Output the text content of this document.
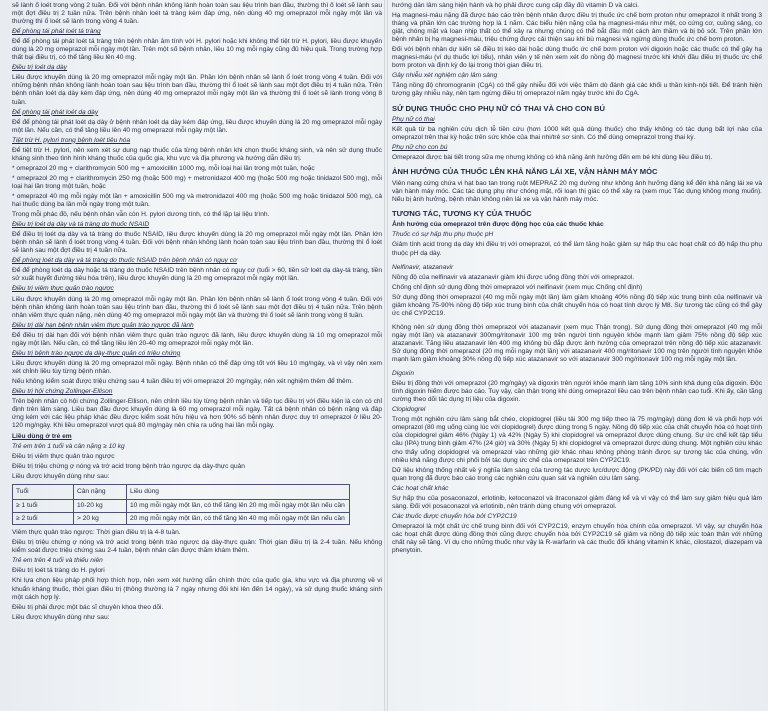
sẽ lành ổ loét trong vòng 2 tuần. Đối với bệnh nhân không lành hoàn toàn sau liệu trình ban đầu, thường thì ổ loét sẽ lành sau một đợt điều trị 2 tuần nữa. Trên bệnh nhân loét tá tràng kém đáp ứng, nên dùng 40 mg omeprazol mỗi ngày một lần và thường thì ổ loét sẽ lành trong vòng 4 tuần.

Để phòng tái phát loét tá tràng

Để để phòng tái phát loét tá tràng trên bệnh nhân âm tính với H. pylori hoặc khi không thể tiệt trừ H. pylori, liều được khuyến dùng là 20 mg omeprazol mỗi ngày một lần. Trên một số bệnh nhân, liều 10 mg mỗi ngày cũng đủ hiệu quả. Trong trường hợp thất bại điều trị, có thể tăng liều lên 40 mg.

Điều trị loét dạ dày

Liều được khuyến dùng là 20 mg omeprazol mỗi ngày một lần. Phần lớn bệnh nhân sẽ lành ổ loét trong vòng 4 tuần. Đối với những bệnh nhân không lành hoàn toàn sau liệu trình ban đầu, thường thì ổ loét sẽ lành sau một đợt điều trị 4 tuần nữa. Trên bệnh nhân loét dạ dày kém đáp ứng, nên dùng 40 mg omeprazol mỗi ngày một lần và thường thì ổ loét sẽ lành trong vòng 8 tuần.

Để phòng tái phát loét dạ dày

Để để phòng tái phát loét dạ dày ở bệnh nhân loét dạ dày kém đáp ứng, liều được khuyến dùng là 20 mg omeprazol mỗi ngày một lần. Nếu cần, có thể tăng liều lên 40 mg omeprazol mỗi ngày một lần.

Tiệt trừ H. pylori trong bệnh loét tiêu hóa

Để tiệt trừ H. pylori, nên xem xét sự dung nạp thuốc của từng bệnh nhân khi chọn thuốc kháng sinh, và nên sử dụng thuốc kháng sinh theo tình hình kháng thuốc của quốc gia, khu vực và địa phương và hướng dẫn điều trị.

* omeprazol 20 mg + clarithromycin 500 mg + amoxicillin 1000 mg, mỗi loại hai lần trong một tuần, hoặc

* omeprazol 20 mg + clarithromycin 250 mg (hoặc 500 mg) + metronidazol 400 mg (hoặc 500 mg hoặc tinidazol 500 mg), mỗi loại hai lần trong một tuần, hoặc

* omeprazol 40 mg mỗi ngày một lần + amoxicillin 500 mg và metronidazol 400 mg (hoặc 500 mg hoặc tinidazol 500 mg), cả hai thuốc dùng ba lần mỗi ngày trong một tuần.

Trong mỗi phác đồ, nếu bệnh nhân vẫn còn H. pylori dương tính, có thể lặp lại liệu trình.

Điều trị loét dạ dày và tá tràng do thuốc NSAID

Để điều trị loét dạ dày và tá tràng do thuốc NSAID, liều được khuyến dùng là 20 mg omeprazol mỗi ngày một lần. Phần lớn bệnh nhân sẽ lành ổ loét trong vòng 4 tuần. Đối với bệnh nhân không lành hoàn toàn sau liệu trình ban đầu, thường thì ổ loét sẽ lành sau một đợt điều trị 4 tuần nữa.

Để phòng loét dạ dày và tá tràng do thuốc NSAID trên bệnh nhân có nguy cơ

Để để phòng loét dạ dày hoặc tá tràng do thuốc NSAID trên bệnh nhân có nguy cơ (tuổi > 60, tiền sử loét dạ dày-tá tràng, tiền sử xuất huyết đường tiêu hóa trên), liều được khuyến dùng là 20 mg omeprazol mỗi ngày một lần.

Điều trị viêm thực quản trào ngược

Liều được khuyến dùng là 20 mg omeprazol mỗi ngày một lần. Phần lớn bệnh nhân sẽ lành ổ loét trong vòng 4 tuần. Đối với bệnh nhân không lành hoàn toàn sau liệu trình ban đầu, thường thì ổ loét sẽ lành sau một đợt điều trị 4 tuần nữa. Trên bệnh nhân viêm thực quản nặng, nên dùng 40 mg omeprazol mỗi ngày một lần và thường thì ổ loét sẽ lành trong vòng 8 tuần.

Điều trị dài hạn bệnh nhân viêm thực quản trào ngược đã lành

Để điều trị dài hạn đối với bệnh nhân viêm thực quản trào ngược đã lành, liều được khuyến dùng là 10 mg omeprazol mỗi ngày một lần. Nếu cần, có thể tăng liều lên 20-40 mg omeprazol mỗi ngày một lần.

Điều trị bệnh trào ngược dạ dày-thực quản có triệu chứng

Liều được khuyến dùng là 20 mg omeprazol mỗi ngày. Bệnh nhân có thể đáp ứng tốt với liều 10 mg/ngày, và vì vậy nên xem xét chỉnh liều tùy từng bệnh nhân.

Nếu không kiểm soát được triệu chứng sau 4 tuần điều trị với omeprazol 20 mg/ngày, nên xét nghiệm thêm để thêm.

Điều trị hội chứng Zollinger-Ellison

Trên bệnh nhân có hội chứng Zollinger-Ellison, nên chỉnh liều tùy từng bệnh nhân và tiếp tục điều trị với điều kiện là còn có chỉ định trên lâm sàng. Liều ban đầu được khuyến dùng là 60 mg omeprazol mỗi ngày. Tất cả bệnh nhân có bệnh nặng và đáp ứng kém với các liệu pháp khác đều được kiểm soát hữu hiệu và hơn 90% số bệnh nhân được duy trì omeprazol ở liều 20-120 mg/ngày. Khi liều omeprazol vượt quá 80 mg/ngày nên chia ra uống hai lần mỗi ngày.

Liều dùng ở trẻ em

Trẻ em trên 1 tuổi và cân nặng ≥ 10 kg

Điều trị viêm thực quản trào ngược

Điều trị triệu chứng ợ nóng và trớ acid trong bệnh trào ngược dạ dày-thực quản

Liều được khuyến dùng như sau:

Tuổi	Cân nặng	Liều dùng
≥ 1 tuổi	10-20 kg	10 mg mỗi ngày một lần, có thể tăng lên 20 mg mỗi ngày một lần nếu cần
≥ 2 tuổi	> 20 kg	20 mg mỗi ngày một lần, có thể tăng lên 40 mg mỗi ngày một lần nếu cần

Viêm thực quản trào ngược: Thời gian điều trị là 4-8 tuần.

Điều trị triệu chứng ợ nóng và trớ acid trong bệnh trào ngược dạ dày-thực quản: Thời gian điều trị là 2-4 tuần. Nếu không kiểm soát được triệu chứng sau 2-4 tuần, bệnh nhân cần được thăm khám thêm.

Trẻ em trên 4 tuổi và thiếu niên

Điều trị loét tá tràng do H. pylori

Khi lựa chọn liệu pháp phối hợp thích hợp, nên xem xét hướng dẫn chính thức của quốc gia, khu vực và địa phương về vi khuẩn kháng thuốc, thời gian điều trị (thông thường là 7 ngày nhưng đôi khi lên đến 14 ngày), và sử dụng thuốc kháng sinh một cách hợp lý.

Điều trị phải được một bác sĩ chuyên khoa theo dõi.

Liều được khuyến dùng như sau:

hướng dẫn lâm sàng hiện hành và họ phải được cung cấp đầy đủ vitamin D và calci.

Hạ magnesi-máu nặng đã được báo cáo trên bệnh nhân được điều trị thuốc ức chế bơm proton như omeprazol ít nhất trong 3 tháng và phần lớn các trường hợp là 1 năm. Các biểu hiện nặng của hạ magnesi-máu như mệt, co cứng cơ, cuồng sảng, co giật, chóng mặt và loạn nhịp thất có thể xảy ra nhưng chúng có thể bắt đầu một cách âm thầm và bị bỏ sót. Trên phần lớn bệnh nhân bị hạ magnesi-máu, triệu chứng được cải thiện sau khi bù magnesi và ngừng dùng thuốc ức chế bơm proton.

Đối với bệnh nhân dự kiến sẽ điều trị kéo dài hoặc dùng thuốc ức chế bơm proton với digoxin hoặc các thuốc có thể gây hạ magnesi-máu (ví dụ thuốc lợi tiểu), nhân viên y tế nên xem xét đo nồng độ magnesi trước khi khởi đầu điều trị thuốc ức chế bơm proton và định kỳ đo lại trong thời gian điều trị.

Gây nhiễu xét nghiệm cận lâm sàng

Tăng nồng độ chromogranin (CgA) có thể gây nhiễu đối với việc thăm dò đánh giá các khối u thần kinh-nội tiết. Để tránh hiện tượng gây nhiễu này, nên tạm ngừng điều trị omeprazol năm ngày trước khi đo CgA.

SỬ DỤNG THUỐC CHO PHỤ NỮ CÓ THAI VÀ CHO CON BÚ

Phụ nữ có thai

Kết quả từ ba nghiên cứu dịch tễ tiền cứu (hơn 1000 kết quả dùng thuốc) cho thấy không có tác dụng bất lợi nào của omeprazol trên thai kỳ hoặc trên sức khỏe của thai nhi/trẻ sơ sinh. Có thể dùng omeprazol trong thai kỳ.

Phụ nữ cho con bú

Omeprazol được bài tiết trong sữa mẹ nhưng không có khả năng ảnh hưởng đến em bé khi dùng liều điều trị.

ẢNH HƯỞNG CỦA THUỐC LÊN KHẢ NĂNG LÁI XE, VẬN HÀNH MÁY MÓC

Viên nang cứng chứa vi hạt bao tan trong ruột MEPRAZ 20 mg dường như không ảnh hưởng đáng kể đến khả năng lái xe và vận hành máy móc. Các tác dụng phụ như chóng mặt, rối loạn thị giác có thể xảy ra (xem mục Tác dụng không mong muốn). Nếu bị ảnh hưởng, bệnh nhân không nên lái xe và vận hành máy móc.

TƯƠNG TÁC, TƯƠNG KỴ CỦA THUỐC

Ảnh hưởng của omeprazol trên được động học của các thuốc khác

Thuốc có sự hấp thu phụ thuộc pH

Giảm tính acid trong dạ dày khi điều trị với omeprazol, có thể làm tăng hoặc giảm sự hấp thu các hoạt chất có độ hấp thu phụ thuộc pH dạ dày.

Nelfinavir, atazanavir

Nồng độ của nelfinavir và atazanavir giảm khi được uống đồng thời với omeprazol.

Chống chỉ định sử dụng đồng thời omeprazol với nelfinavir (xem mục Chống chỉ định)

Sử dụng đồng thời omeprazol (40 mg mỗi ngày một lần) làm giảm khoảng 40% nồng độ tiếp xúc trung bình của nelfinavir và giảm khoảng 75-90% nồng độ tiếp xúc trung bình của chất chuyển hóa có hoạt tính dược lý M8. Sự tương tác cũng có thể gây ức chế CYP2C19.

Không nên sử dụng đồng thời omeprazol với atazanavir (xem mục Thận trọng). Sử dụng đồng thời omeprazol (40 mg mỗi ngày một lần) và atazanavir 300mg/ritonavir 100 mg trên người tình nguyện khỏe mạnh làm giảm 75% nồng độ tiếp xúc atazanavir. Tăng liều atazanavir lên 400 mg không bù đắp được ảnh hưởng của omeprazol trên nồng độ tiếp xúc atazanavir. Sử dụng đồng thời omeprazol (20 mg mỗi ngày một lần) với atazanavir 400 mg/ritonavir 100 mg trên người tình nguyện khỏe mạnh làm giảm khoảng 30% nồng độ tiếp xúc atazanavir so với atazanavir 300 mg/ritonavir 100 mg mỗi ngày một lần.

Digoxin

Điều trị đồng thời với omeprazol (20 mg/ngày) và digoxin trên người khỏe mạnh làm tăng 10% sinh khả dụng của digoxin. Độc tính digoxin hiếm được báo cáo. Tuy vậy, cần thận trọng khi dùng omeprazol liều cao trên bệnh nhân cao tuổi. Khi ấy, cần tăng cường theo dõi tác dụng trị liệu của digoxin.

Clopidogrel

Trong một nghiên cứu lâm sàng bắt chéo, clopidogrel (liều tải 300 mg tiếp theo là 75 mg/ngày) dùng đơn lẻ và phối hợp với omeprazol (80 mg uống cùng lúc với clopidogrel) được dùng trong 5 ngày. Nồng độ tiếp xúc của chất chuyển hóa có hoạt tính của clopidogrel giảm 46% (Ngày 1) và 42% (Ngày 5) khi clopidogrel và omeprazol được dùng chung. Sự ức chế kết tập tiểu cầu (IPA) trung bình giảm 47% (24 giờ) và 30% (Ngày 5) khi clopidogrel và omeprazol được dùng chung. Một nghiên cứu khác cho thấy uống clopidogrel và omeprazol vào những giờ khác nhau không phòng tránh được sự tương tác của chúng, vốn nhiều khả năng được chi phối bởi tác dụng ức chế của omeprazol trên CYP2C19.

Dữ liệu không thống nhất về ý nghĩa lâm sàng của tương tác dược lực/dược động (PK/PD) này đối với các biến cố tim mạch quan trọng đã được báo cáo trong các nghiên cứu quan sát và nghiên cứu lâm sàng.

Các hoạt chất khác

Sự hấp thu của posaconazol, erlotinib, ketoconazol và itraconazol giảm đáng kể và vì vậy có thể làm suy giảm hiệu quả lâm sàng. Đối với posaconazol và erlotinib, nên tránh dùng chung với omeprazol.

Các thuốc được chuyển hóa bởi CYP2C19

Omeprazol là một chất ức chế trung bình đối với CYP2C19, enzym chuyển hóa chính của omeprazol. Vì vậy, sự chuyển hóa các hoạt chất được dùng đồng thời cũng được chuyển hóa bởi CYP2C19 sẽ giảm và nồng độ tiếp xúc toàn thân với những chất này sẽ tăng. Ví dụ cho những thuốc như vậy là R-warfarin và các thuốc đối kháng vitamin K khác, cilostazol, diazepam và phenytoin.
